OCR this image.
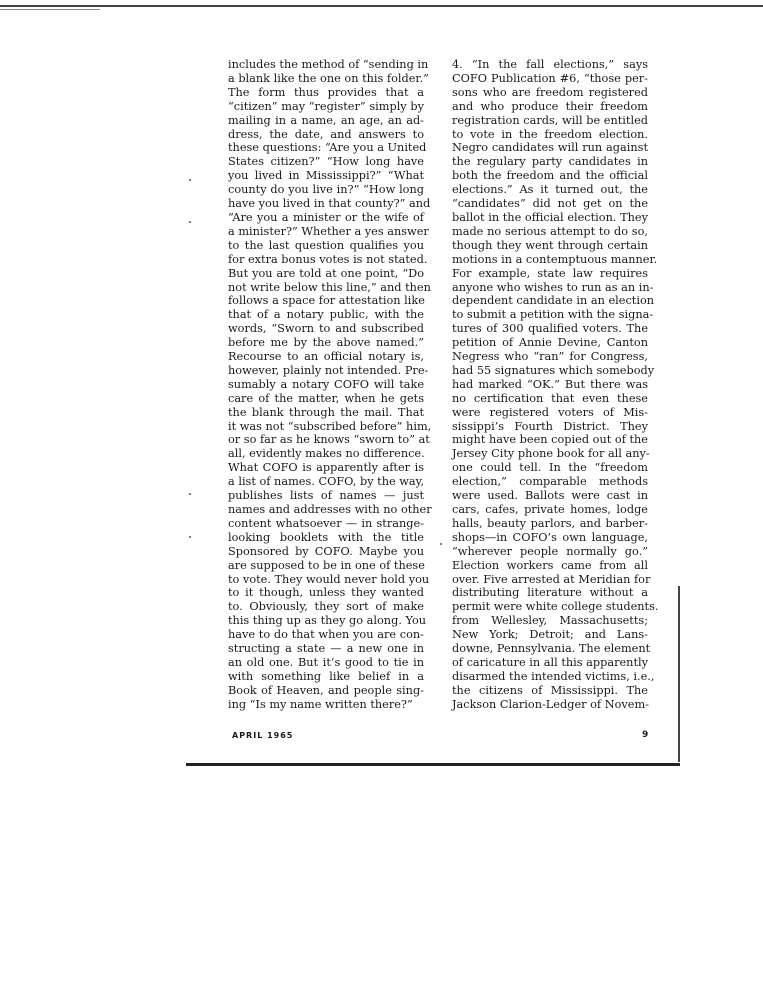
includes the method of “sending in
a blank like the one on this folder.”
The form thus provides that a
“citizen” may “register” simply by
mailing in a name, an age, an ad-
dress, the date, and answers to
these questions: “Are you a United
States citizen?” “How long have
you lived in Mississippi?” “What
county do you live in?” “How long
have you lived in that county?” and
“Are you a minister or the wife of
a minister?” Whether a yes answer
to the last question qualifies you
for extra bonus votes is not stated.
But you are told at one point, “Do
not write below this line,” and then
follows a space for attestation like
that of a notary public, with the
words, “Sworn to and subscribed
before me by the above named.”
Recourse to an official notary is,
however, plainly not intended. Pre-
sumably a notary COFO will take
care of the matter, when he gets
the blank through the mail. That
it was not “subscribed before” him,
or so far as he knows “sworn to” at
all, evidently makes no difference.
What COFO is apparently after is
a list of names. COFO, by the way,
publishes lists of names — just
names and addresses with no other
content whatsoever — in strange-
looking booklets with the title
Sponsored by COFO. Maybe you
are supposed to be in one of these
to vote. They would never hold you
to it though, unless they wanted
to. Obviously, they sort of make
this thing up as they go along. You
have to do that when you are con-
structing a state — a new one in
an old one. But it’s good to tie in
with something like belief in a
Book of Heaven, and people sing-
ing “Is my name written there?”
4. “In the fall elections,” says
COFO Publication #6, “those per-
sons who are freedom registered
and who produce their freedom
registration cards, will be entitled
to vote in the freedom election.
Negro candidates will run against
the regulary party candidates in
both the freedom and the official
elections.” As it turned out, the
“candidates” did not get on the
ballot in the official election. They
made no serious attempt to do so,
though they went through certain
motions in a contemptuous manner.
For example, state law requires
anyone who wishes to run as an in-
dependent candidate in an election
to submit a petition with the signa-
tures of 300 qualified voters. The
petition of Annie Devine, Canton
Negress who “ran” for Congress,
had 55 signatures which somebody
had marked “OK.” But there was
no certification that even these
were registered voters of Mis-
sissippi’s Fourth District. They
might have been copied out of the
Jersey City phone book for all any-
one could tell. In the “freedom
election,” comparable methods
were used. Ballots were cast in
cars, cafes, private homes, lodge
halls, beauty parlors, and barber-
shops—in COFO’s own language,
“wherever people normally go.”
Election workers came from all
over. Five arrested at Meridian for
distributing literature without a
permit were white college students.
from Wellesley, Massachusetts;
New York; Detroit; and Lans-
downe, Pennsylvania. The element
of caricature in all this apparently
disarmed the intended victims, i.e.,
the citizens of Mississippi. The
Jackson Clarion-Ledger of Novem-
APRIL 1965	9
